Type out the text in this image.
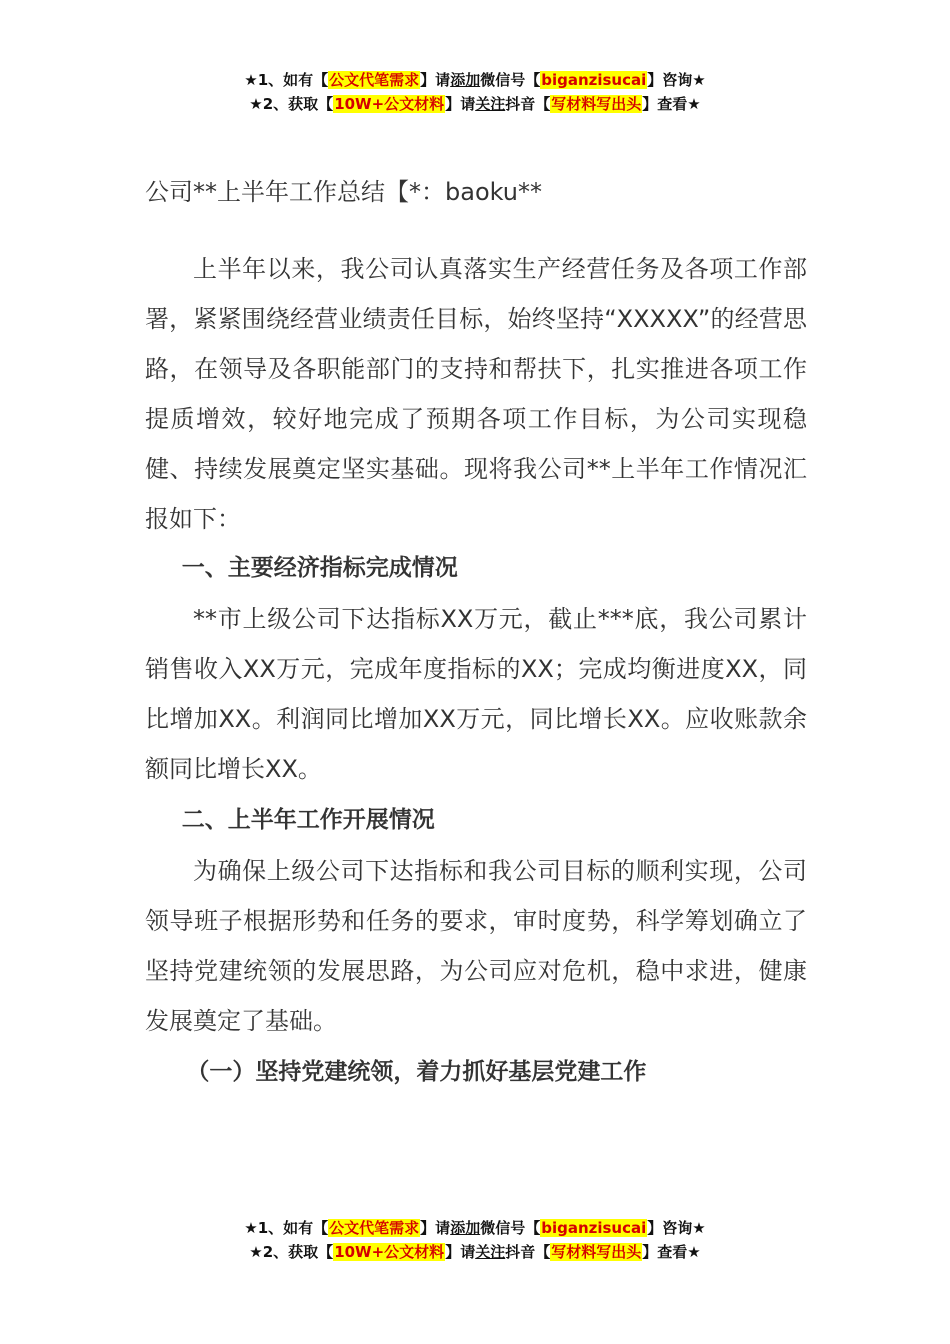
★1、如有【公文代笔需求】请添加微信号【biganzisucai】咨询★
★2、获取【10W+公文材料】请关注抖音【写材料写出头】查看★
公司**上半年工作总结【*：baoku**

上半年以来，我公司认真落实生产经营任务及各项工作部署，紧紧围绕经营业绩责任目标，始终坚持“XXXXX”的经营思路，在领导及各职能部门的支持和帮扶下，扎实推进各项工作提质增效，较好地完成了预期各项工作目标，为公司实现稳健、持续发展奠定坚实基础。现将我公司**上半年工作情况汇报如下：

一、主要经济指标完成情况

**市上级公司下达指标XX万元，截止***底，我公司累计销售收入XX万元，完成年度指标的XX；完成均衡进度XX，同比增加XX。利润同比增加XX万元，同比增长XX。应收账款余额同比增长XX。

二、上半年工作开展情况

为确保上级公司下达指标和我公司目标的顺利实现，公司领导班子根据形势和任务的要求，审时度势，科学筹划确立了坚持党建统领的发展思路，为公司应对危机，稳中求进，健康发展奠定了基础。

（一）坚持党建统领，着力抓好基层党建工作
★1、如有【公文代笔需求】请添加微信号【biganzisucai】咨询★
★2、获取【10W+公文材料】请关注抖音【写材料写出头】查看★
